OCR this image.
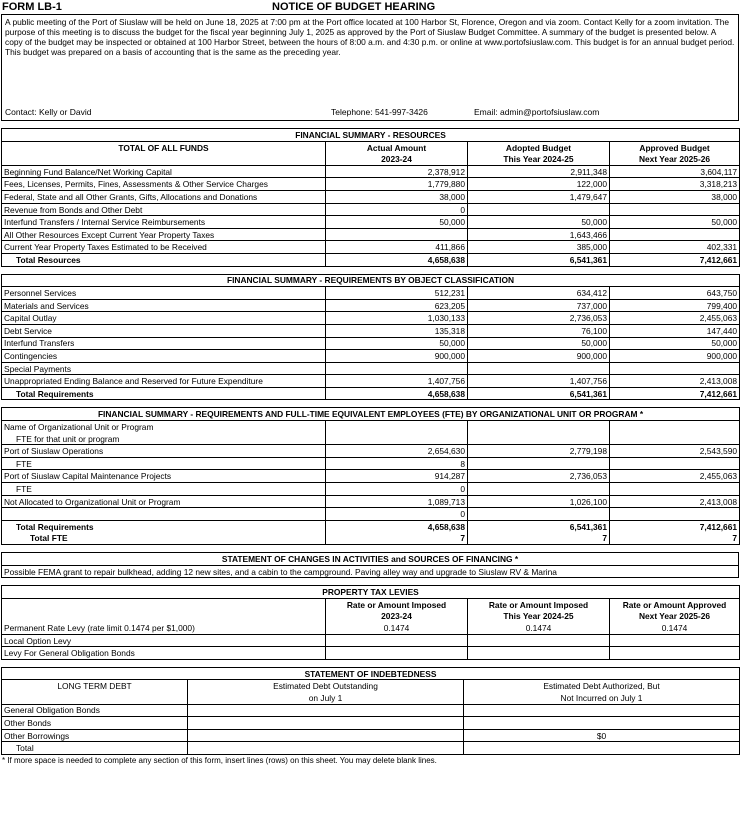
FORM LB-1	NOTICE OF BUDGET HEARING

A public meeting of the Port of Siuslaw will be held on June 18, 2025 at 7:00 pm at the Port office located at 100 Harbor St, Florence, Oregon and via zoom. Contact Kelly for a zoom invitation. The purpose of this meeting is to discuss the budget for the fiscal year beginning July 1, 2025 as approved by the Port of Siuslaw Budget Committee. A summary of the budget is presented below. A copy of the budget may be inspected or obtained at 100 Harbor Street, between the hours of 8:00 a.m. and 4:30 p.m. or online at www.portofsiuslaw.com. This budget is for an annual budget period. This budget was prepared on a basis of accounting that is the same as the preceding year.

Contact: Kelly or David	Telephone: 541-997-3426	Email: admin@portofsiuslaw.com
FINANCIAL SUMMARY - RESOURCES			
TOTAL OF ALL FUNDS	Actual Amount	Adopted Budget	Approved Budget
	2023-24	This Year 2024-25	Next Year 2025-26
Beginning Fund Balance/Net Working Capital	2,378,912	2,911,348	3,604,117
Fees, Licenses, Permits, Fines, Assessments & Other Service Charges	1,779,880	122,000	3,318,213
Federal, State and all Other Grants, Gifts, Allocations and Donations	38,000	1,479,647	38,000
Revenue from Bonds and Other Debt	0		
Interfund Transfers / Internal Service Reimbursements	50,000	50,000	50,000
All Other Resources Except Current Year Property Taxes		1,643,466	
Current Year Property Taxes Estimated to be Received	411,866	385,000	402,331
Total Resources	4,658,638	6,541,361	7,412,661
FINANCIAL SUMMARY - REQUIREMENTS BY OBJECT CLASSIFICATION			
Personnel Services	512,231	634,412	643,750
Materials and Services	623,205	737,000	799,400
Capital Outlay	1,030,133	2,736,053	2,455,063
Debt Service	135,318	76,100	147,440
Interfund Transfers	50,000	50,000	50,000
Contingencies	900,000	900,000	900,000
Special Payments			
Unappropriated Ending Balance and Reserved for Future Expenditure	1,407,756	1,407,756	2,413,008
Total Requirements	4,658,638	6,541,361	7,412,661
FINANCIAL SUMMARY - REQUIREMENTS AND FULL-TIME EQUIVALENT EMPLOYEES (FTE) BY ORGANIZATIONAL UNIT OR PROGRAM *			
Name of Organizational Unit or Program			
FTE for that unit or program			
Port of Siuslaw Operations	2,654,630	2,779,198	2,543,590
FTE	8		
Port of Siuslaw Capital Maintenance Projects	914,287	2,736,053	2,455,063
FTE	0		
Not Allocated to Organizational Unit or Program	1,089,713	1,026,100	2,413,008
	0		
Total Requirements	4,658,638	6,541,361	7,412,661
Total FTE	7	7	7
STATEMENT OF CHANGES IN ACTIVITIES and SOURCES OF FINANCING *
Possible FEMA grant to repair bulkhead, adding 12 new sites, and a cabin to the campground. Paving alley way and upgrade to Siuslaw RV & Marina
PROPERTY TAX LEVIES			
	Rate or Amount Imposed	Rate or Amount Imposed	Rate or Amount Approved
	2023-24	This Year 2024-25	Next Year 2025-26
Permanent Rate Levy (rate limit 0.1474 per $1,000)	0.1474	0.1474	0.1474
Local Option Levy			
Levy For General Obligation Bonds			
STATEMENT OF INDEBTEDNESS		
LONG TERM DEBT	Estimated Debt Outstanding	Estimated Debt Authorized, But
	on July 1	Not Incurred on July 1
General Obligation Bonds		
Other Bonds		
Other Borrowings		$0
Total		
* If more space is needed to complete any section of this form, insert lines (rows) on this sheet. You may delete blank lines.
